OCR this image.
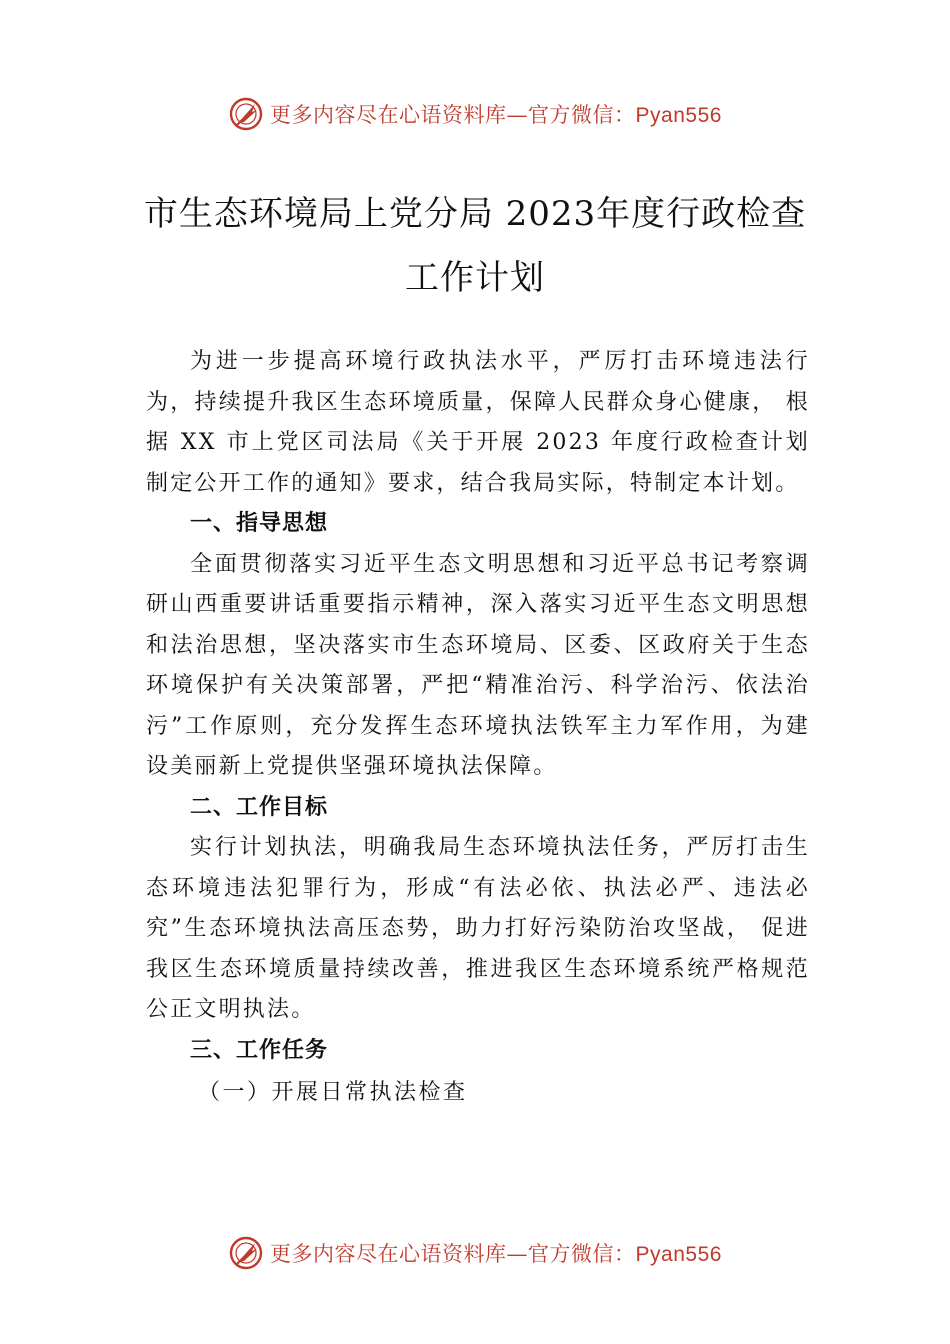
更多内容尽在心语资料库—官方微信：Pyan556
市生态环境局上党分局 2023年度行政检查
工作计划

为进一步提高环境行政执法水平，严厉打击环境违法行为，持续提升我区生态环境质量，保障人民群众身心健康， 根据 XX 市上党区司法局《关于开展 2023 年度行政检查计划制定公开工作的通知》要求，结合我局实际，特制定本计划。

一、指导思想

全面贯彻落实习近平生态文明思想和习近平总书记考察调研山西重要讲话重要指示精神，深入落实习近平生态文明思想和法治思想，坚决落实市生态环境局、区委、区政府关于生态环境保护有关决策部署，严把“精准治污、科学治污、依法治污”工作原则，充分发挥生态环境执法铁军主力军作用，为建设美丽新上党提供坚强环境执法保障。

二、工作目标

实行计划执法，明确我局生态环境执法任务，严厉打击生态环境违法犯罪行为，形成“有法必依、执法必严、违法必究”生态环境执法高压态势，助力打好污染防治攻坚战， 促进我区生态环境质量持续改善，推进我区生态环境系统严格规范公正文明执法。

三、工作任务

（一）开展日常执法检查

更多内容尽在心语资料库—官方微信：Pyan556
